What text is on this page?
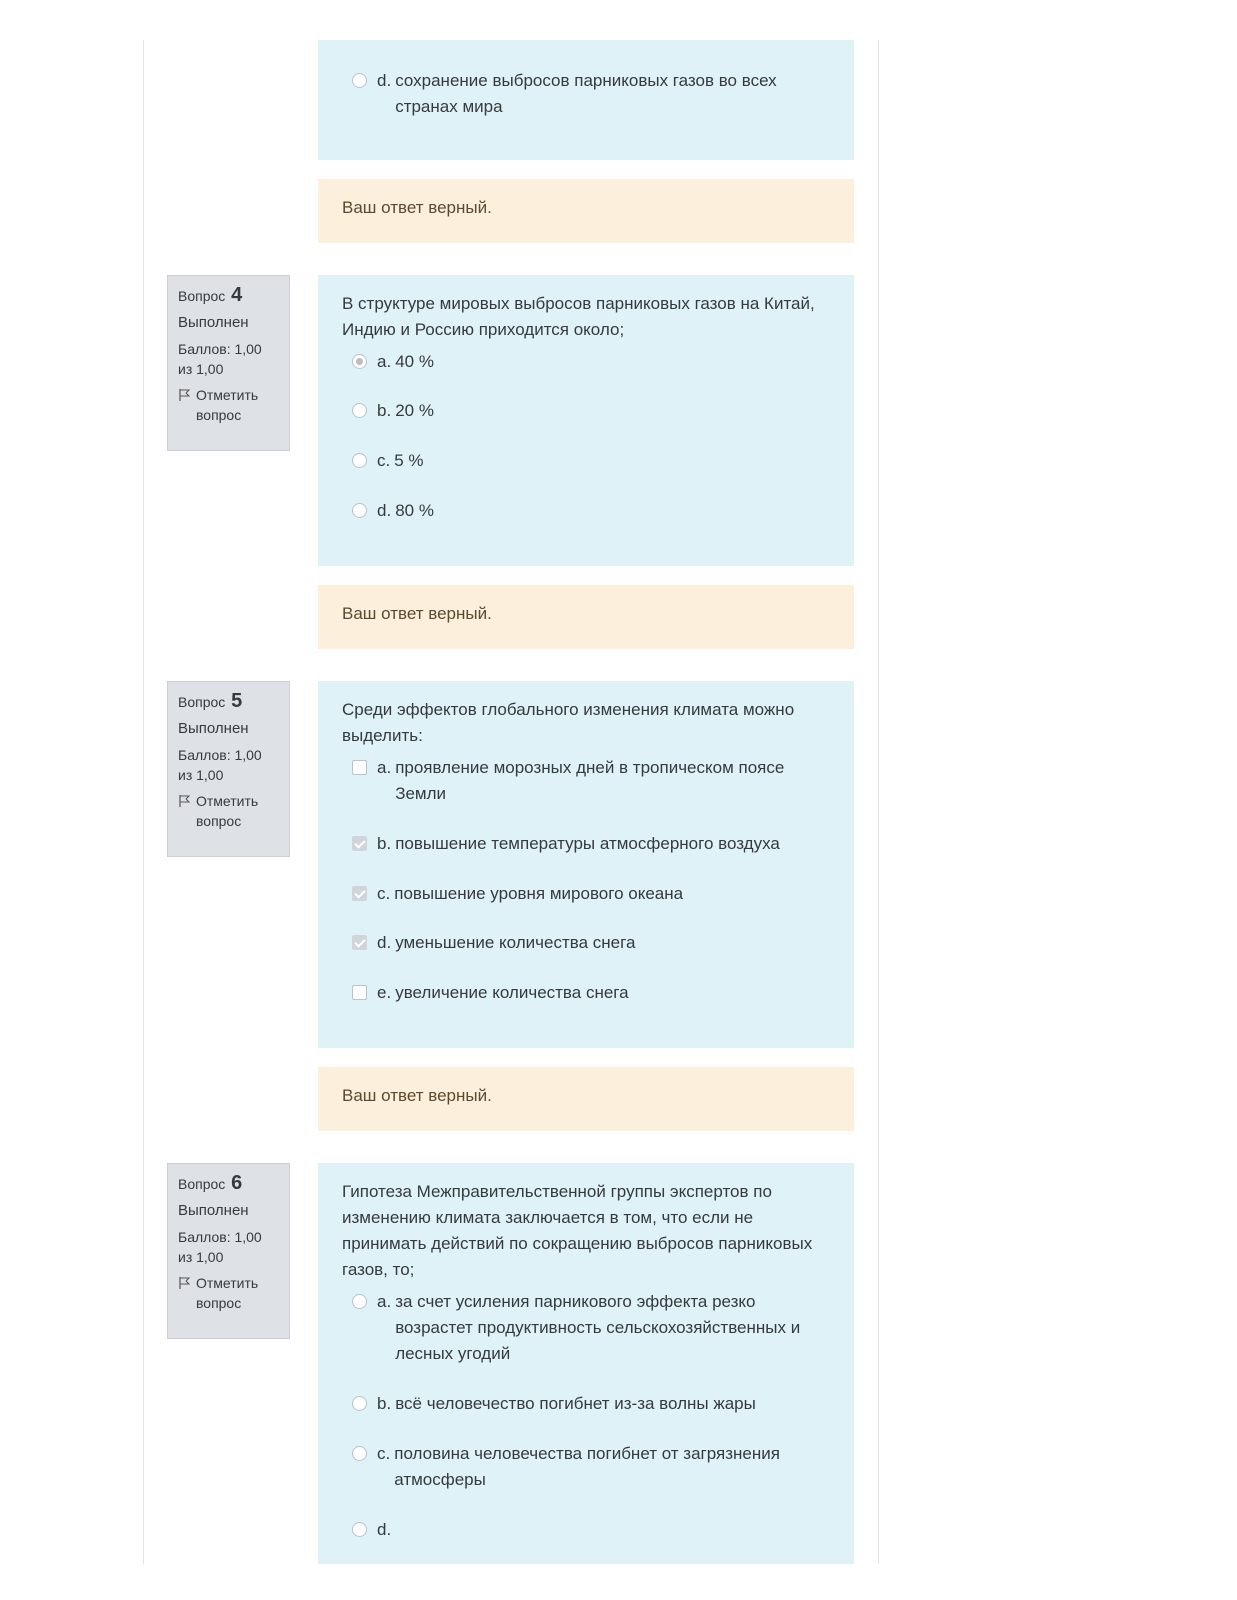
d. сохранение выбросов парниковых газов во всех странах мира
Ваш ответ верный.
Вопрос 4
Выполнен
Баллов: 1,00 из 1,00
Отметить вопрос
В структуре мировых выбросов парниковых газов на Китай, Индию и Россию приходится около;
a. 40 %
b. 20 %
c. 5 %
d. 80 %
Ваш ответ верный.
Вопрос 5
Выполнен
Баллов: 1,00 из 1,00
Отметить вопрос
Среди эффектов глобального изменения климата можно выделить:
a. проявление морозных дней в тропическом поясе Земли
b. повышение температуры атмосферного воздуха
c. повышение уровня мирового океана
d. уменьшение количества снега
e. увеличение количества снега
Ваш ответ верный.
Вопрос 6
Выполнен
Баллов: 1,00 из 1,00
Отметить вопрос
Гипотеза Межправительственной группы экспертов по изменению климата заключается в том, что если не принимать действий по сокращению выбросов парниковых газов, то;
a. за счет усиления парникового эффекта резко возрастет продуктивность сельскохозяйственных и лесных угодий
b. всё человечество погибнет из-за волны жары
c. половина человечества погибнет от загрязнения атмосферы
d.
